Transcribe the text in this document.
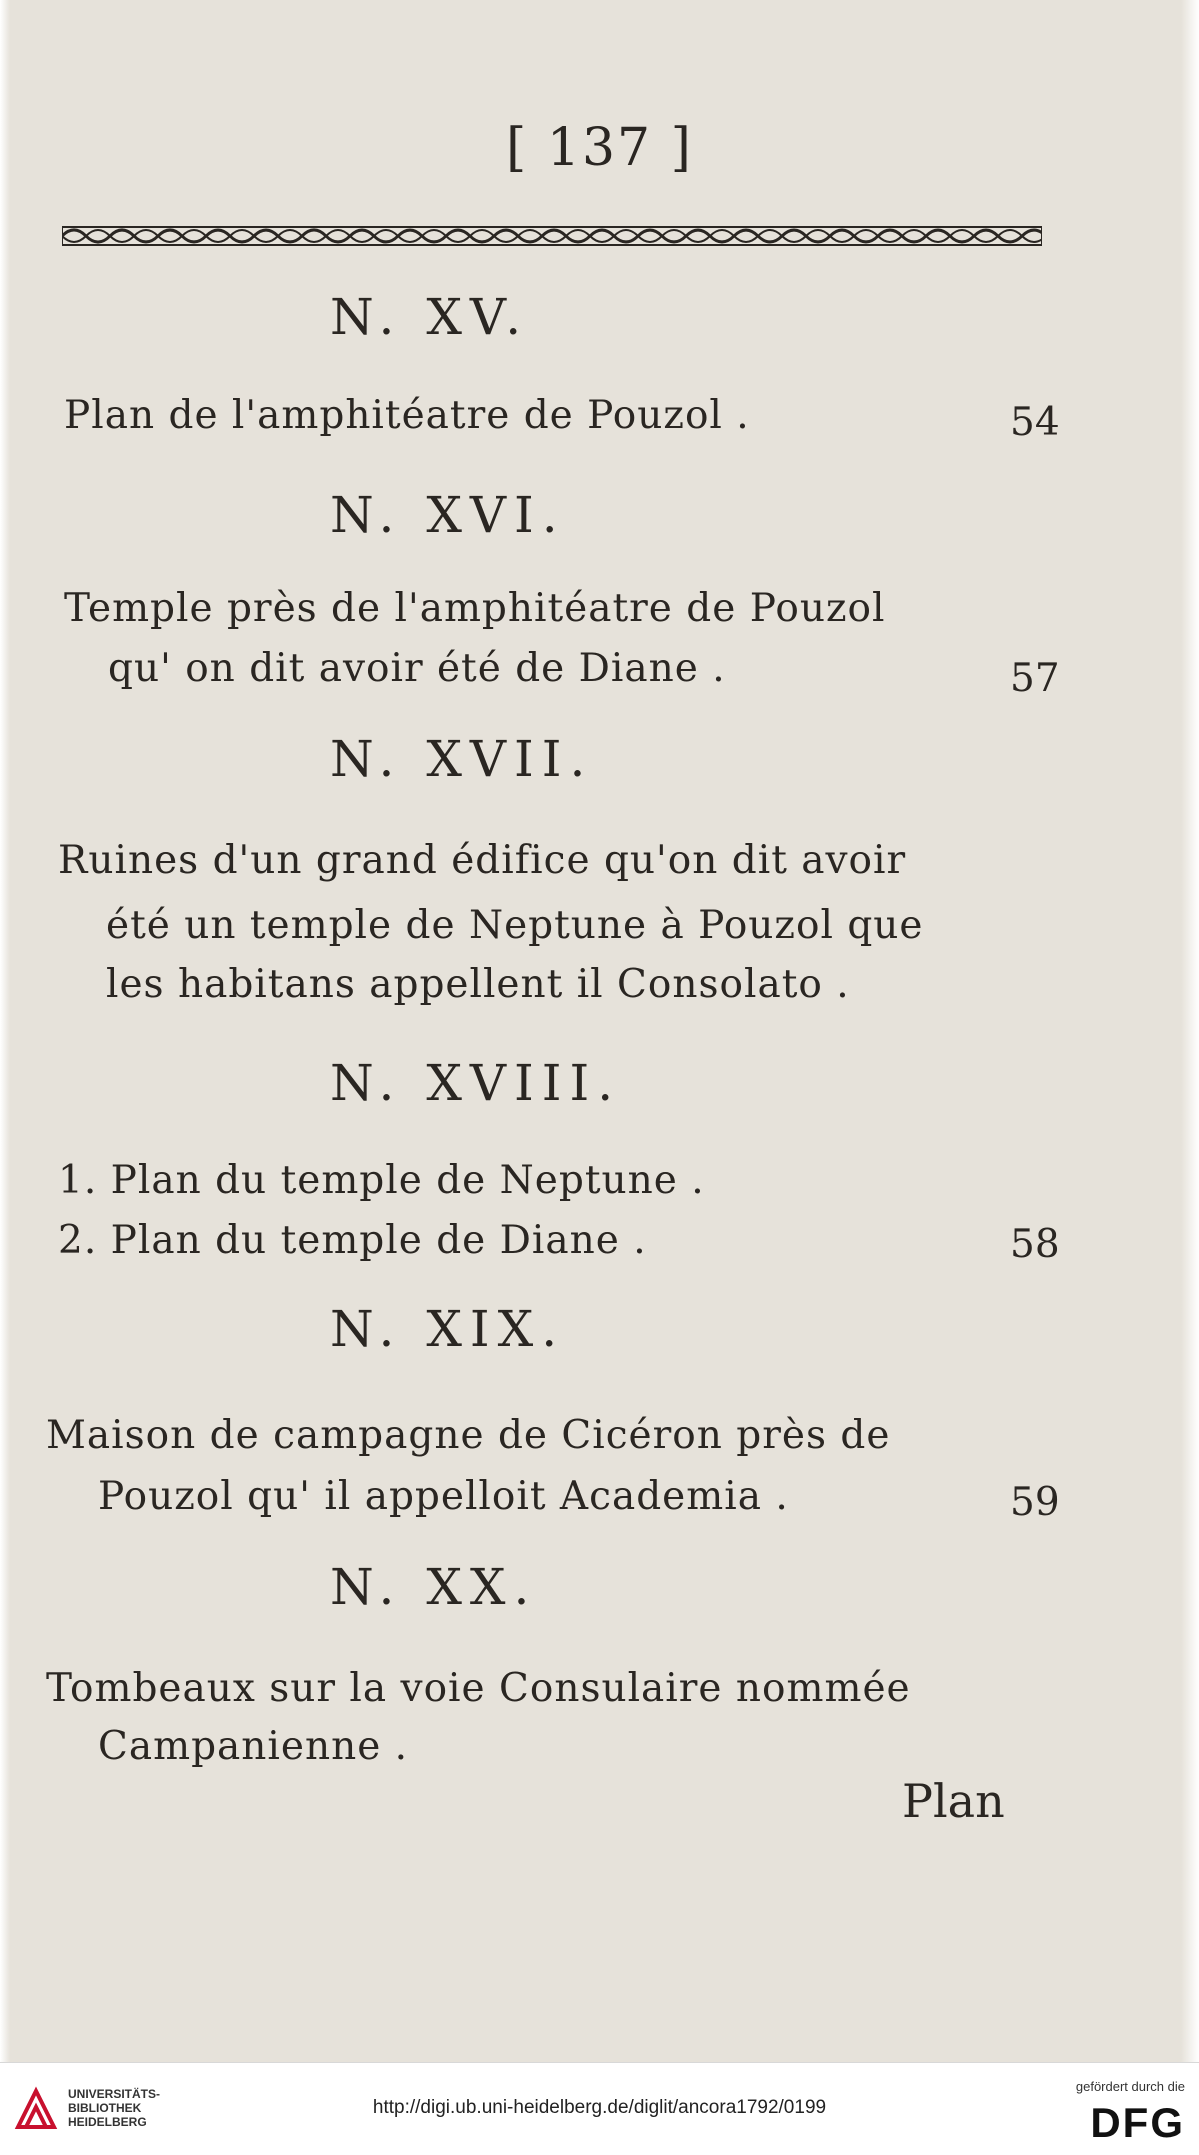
[ 137 ]
N. XV.
Plan de l'amphitéatre de Pouzol .	54
N. XVI.
Temple près de l'amphitéatre de Pouzol
qu' on dit avoir été de Diane .	57
N. XVII.
Ruines d'un grand édifice qu'on dit avoir
été un temple de Neptune à Pouzol que
les habitans appellent il Consolato .
N. XVIII.
1. Plan du temple de Neptune .
2. Plan du temple de Diane .	58
N. XIX.
Maison de campagne de Cicéron près de
Pouzol qu' il appelloit Academia .	59
N. XX.
Tombeaux sur la voie Consulaire nommée
Campanienne .
Plan
UNIVERSITÄTS-
BIBLIOTHEK
HEIDELBERG
http://digi.ub.uni-heidelberg.de/diglit/ancora1792/0199
gefördert durch die
DFG
